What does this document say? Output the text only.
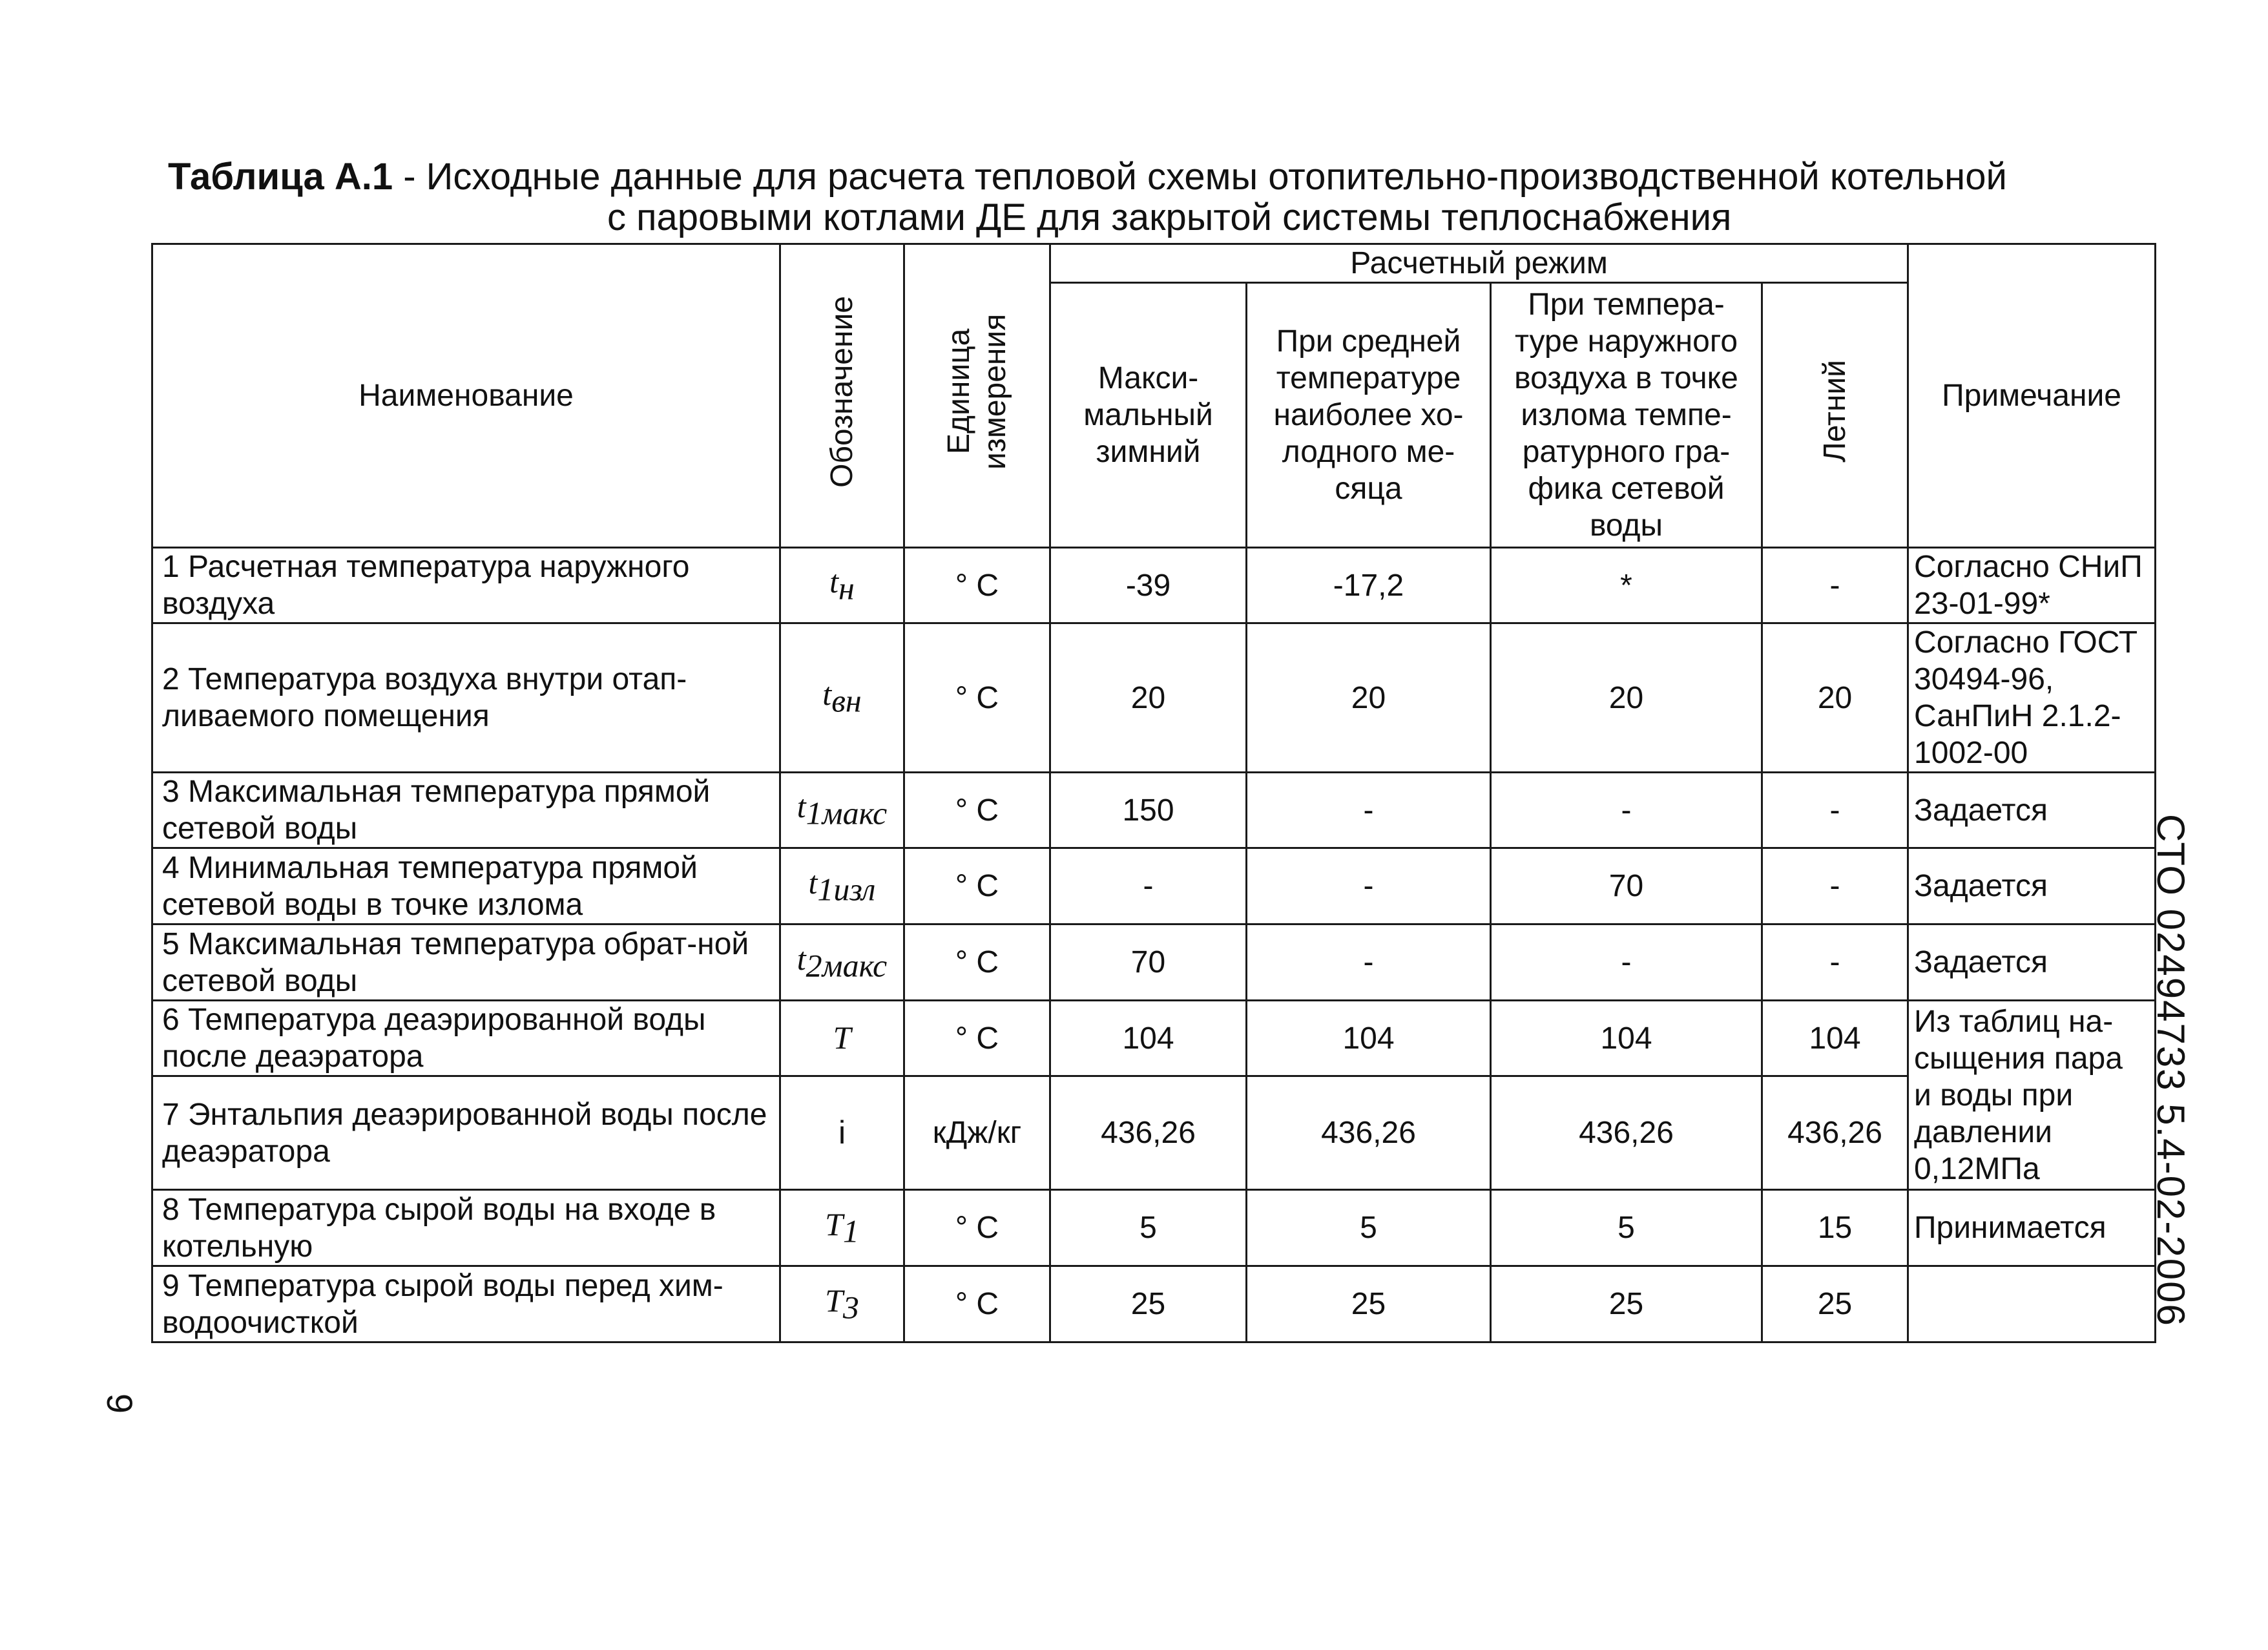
Таблица А.1 - Исходные данные для расчета тепловой схемы отопительно-производственной котельной
с паровыми котлами ДЕ для закрытой системы теплоснабжения
Наименование	Обозначение	Единица измерения	Расчетный режим				Примечание
			Макси-мальный зимний	При средней температуре наиболее хо-лодного ме-сяца	При темпера-туре наружного воздуха в точке излома темпе-ратурного гра-фика сетевой воды	Летний	
1 Расчетная температура наружного воздуха	$t_н$	° C	-39	-17,2	*	-	Согласно СНиП 23-01-99*
2 Температура воздуха внутри отап-ливаемого помещения	$t_{вн}$	° C	20	20	20	20	Согласно ГОСТ 30494-96, СанПиН 2.1.2-1002-00
3 Максимальная температура прямой сетевой воды	$t_{1макс}$	° C	150	-	-	-	Задается
4 Минимальная температура прямой сетевой воды в точке излома	$t_{1изл}$	° C	-	-	70	-	Задается
5 Максимальная температура обрат-ной сетевой воды	$t_{2макс}$	° C	70	-	-	-	Задается
6 Температура деаэрированной воды после деаэратора	T	° C	104	104	104	104	Из таблиц на-сыщения пара и воды при давлении 0,12МПа
7 Энтальпия деаэрированной воды после деаэратора	i	кДж/кг	436,26	436,26	436,26	436,26	
8 Температура сырой воды на входе в котельную	$T_1$	° C	5	5	5	15	Принимается
9 Температура сырой воды перед хим-водоочисткой	$T_3$	° C	25	25	25	25		СТО 02494733 5.4-02-2006
9
